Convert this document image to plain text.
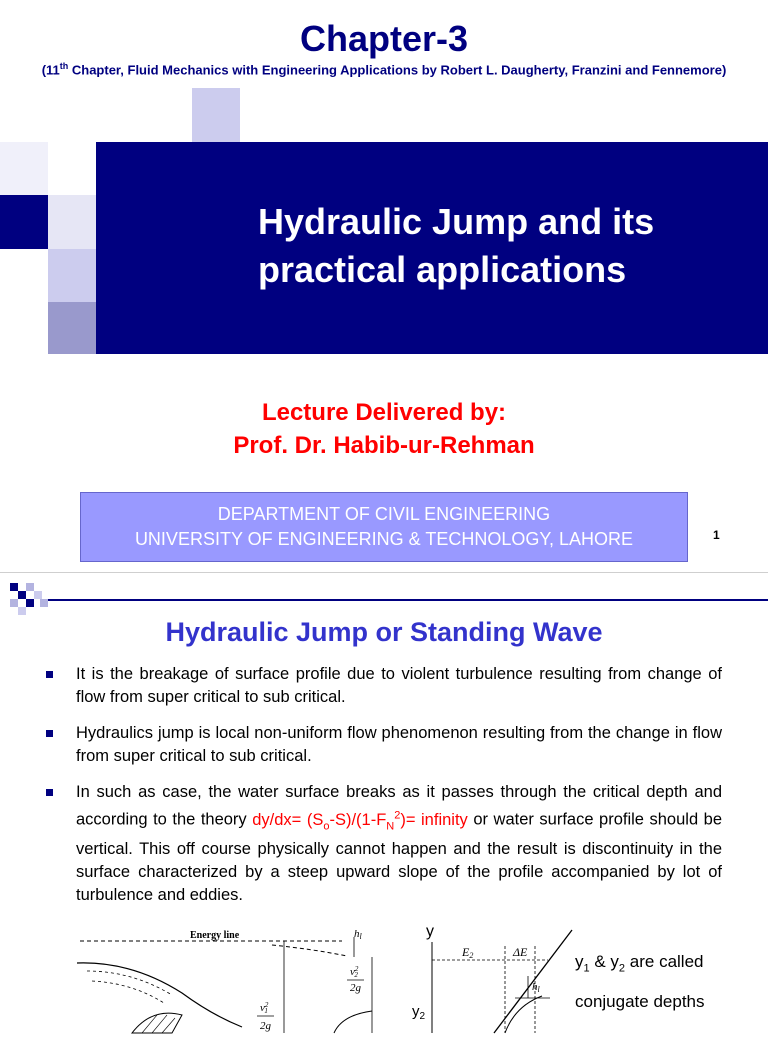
Chapter-3
(11th Chapter, Fluid Mechanics with Engineering Applications by Robert L. Daugherty, Franzini and Fennemore)
Hydraulic Jump and its
practical applications
Lecture Delivered by:
Prof. Dr. Habib-ur-Rehman
DEPARTMENT OF CIVIL ENGINEERING
UNIVERSITY OF ENGINEERING & TECHNOLOGY, LAHORE	1
Hydraulic Jump or Standing Wave
It is the breakage of surface profile due to violent turbulence resulting from change of flow from super critical to sub critical.
Hydraulics jump is local non-uniform flow phenomenon resulting from the change in flow from super critical to sub critical.
In such as case, the water surface breaks as it passes through the critical depth and according to the theory $dy/dx= (S_o-S)/(1-F_N^2)=$ infinity or water surface profile should be vertical. This off course physically cannot happen and the result is discontinuity in the surface characterized by a steep upward slope of the profile accompanied by lot of turbulence and eddies.
Energy line	hl
$v^2$ 2
2g
$v^2$ 1
2g
y
E2	ΔE
$y_2$
hl
$y_1$ & $y_2$ are called
conjugate depths
